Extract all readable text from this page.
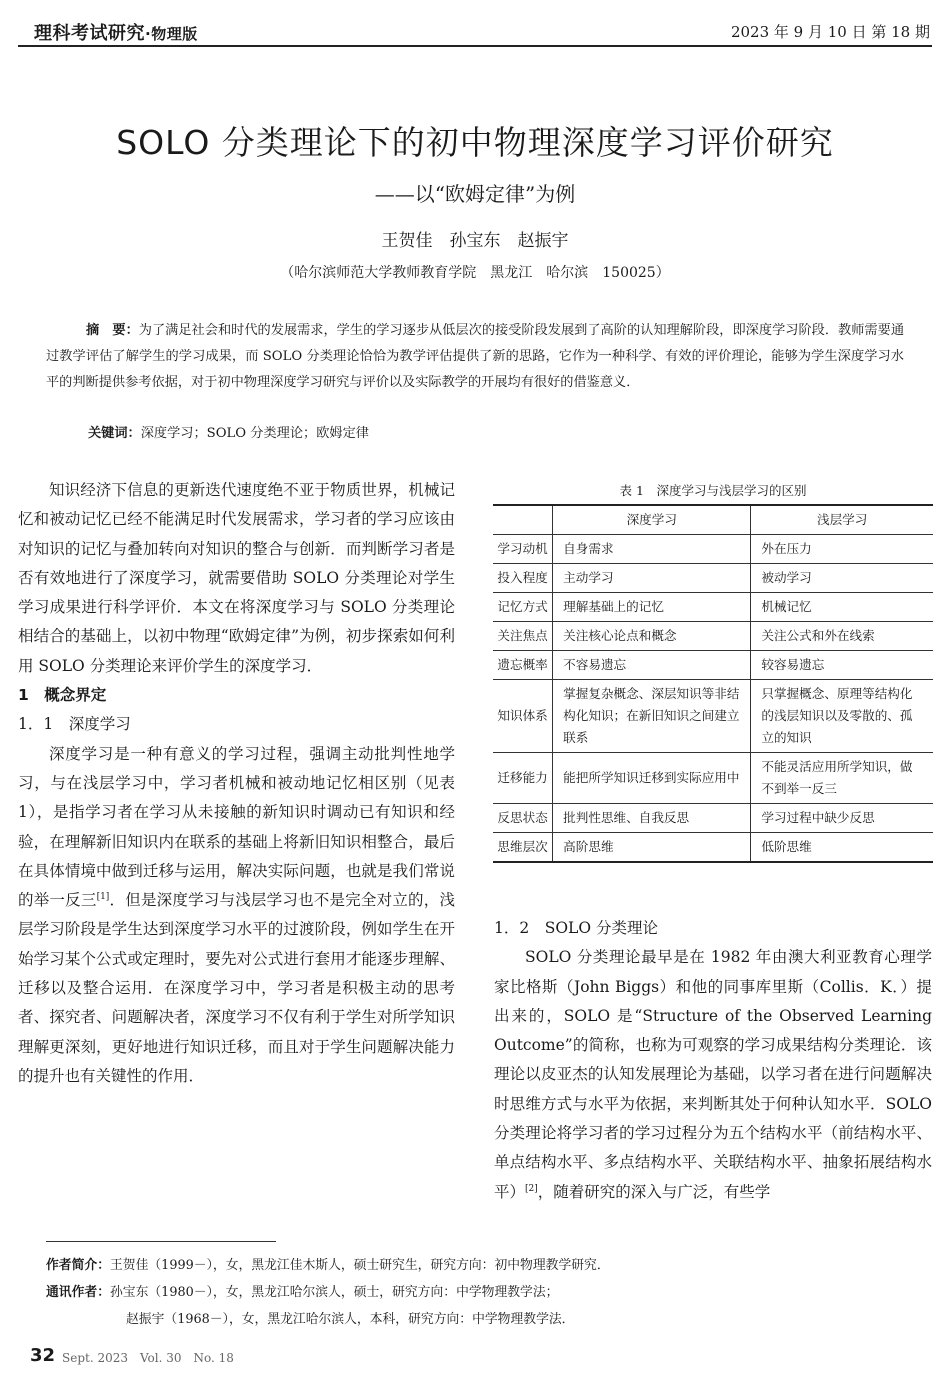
理科考试研究·物理版	2023 年 9 月 10 日 第 18 期
SOLO 分类理论下的初中物理深度学习评价研究
——以“欧姆定律”为例
王贺佳　孙宝东　赵振宇
（哈尔滨师范大学教师教育学院　黑龙江　哈尔滨　150025）
摘　要：为了满足社会和时代的发展需求，学生的学习逐步从低层次的接受阶段发展到了高阶的认知理解阶段，即深度学习阶段．教师需要通过教学评估了解学生的学习成果，而 SOLO 分类理论恰恰为教学评估提供了新的思路，它作为一种科学、有效的评价理论，能够为学生深度学习水平的判断提供参考依据，对于初中物理深度学习研究与评价以及实际教学的开展均有很好的借鉴意义．
关键词：深度学习；SOLO 分类理论；欧姆定律

知识经济下信息的更新迭代速度绝不亚于物质世界，机械记忆和被动记忆已经不能满足时代发展需求，学习者的学习应该由对知识的记忆与叠加转向对知识的整合与创新．而判断学习者是否有效地进行了深度学习，就需要借助 SOLO 分类理论对学生学习成果进行科学评价．本文在将深度学习与 SOLO 分类理论相结合的基础上，以初中物理“欧姆定律”为例，初步探索如何利用 SOLO 分类理论来评价学生的深度学习．

1　概念界定
1．1　深度学习

深度学习是一种有意义的学习过程，强调主动批判性地学习，与在浅层学习中，学习者机械和被动地记忆相区别（见表 1），是指学习者在学习从未接触的新知识时调动已有知识和经验，在理解新旧知识内在联系的基础上将新旧知识相整合，最后在具体情境中做到迁移与运用，解决实际问题，也就是我们常说的举一反三[1]．但是深度学习与浅层学习也不是完全对立的，浅层学习阶段是学生达到深度学习水平的过渡阶段，例如学生在开始学习某个公式或定理时，要先对公式进行套用才能逐步理解、迁移以及整合运用．在深度学习中，学习者是积极主动的思考者、探究者、问题解决者，深度学习不仅有利于学生对所学知识理解更深刻，更好地进行知识迁移，而且对于学生问题解决能力的提升也有关键性的作用．

表 1　深度学习与浅层学习的区别
	深度学习	浅层学习
学习动机	自身需求	外在压力
投入程度	主动学习	被动学习
记忆方式	理解基础上的记忆	机械记忆
关注焦点	关注核心论点和概念	关注公式和外在线索
遗忘概率	不容易遗忘	较容易遗忘
知识体系	掌握复杂概念、深层知识等非结构化知识；在新旧知识之间建立联系	只掌握概念、原理等结构化的浅层知识以及零散的、孤立的知识
迁移能力	能把所学知识迁移到实际应用中	不能灵活应用所学知识，做不到举一反三
反思状态	批判性思维、自我反思	学习过程中缺少反思
思维层次	高阶思维	低阶思维
1．2　SOLO 分类理论

SOLO 分类理论最早是在 1982 年由澳大利亚教育心理学家比格斯（John Biggs）和他的同事库里斯（Collis．K．）提出来的，SOLO 是“Structure of the Observed Learning Outcome”的简称，也称为可观察的学习成果结构分类理论．该理论以皮亚杰的认知发展理论为基础，以学习者在进行问题解决时思维方式与水平为依据，来判断其处于何种认知水平．SOLO 分类理论将学习者的学习过程分为五个结构水平（前结构水平、单点结构水平、多点结构水平、关联结构水平、抽象拓展结构水平）[2]，随着研究的深入与广泛，有些学

作者简介：王贺佳（1999－），女，黑龙江佳木斯人，硕士研究生，研究方向：初中物理教学研究．
通讯作者：孙宝东（1980－），女，黑龙江哈尔滨人，硕士，研究方向：中学物理教学法；
赵振宇（1968－），女，黑龙江哈尔滨人，本科，研究方向：中学物理教学法．
32 Sept. 2023　Vol. 30　No. 18
